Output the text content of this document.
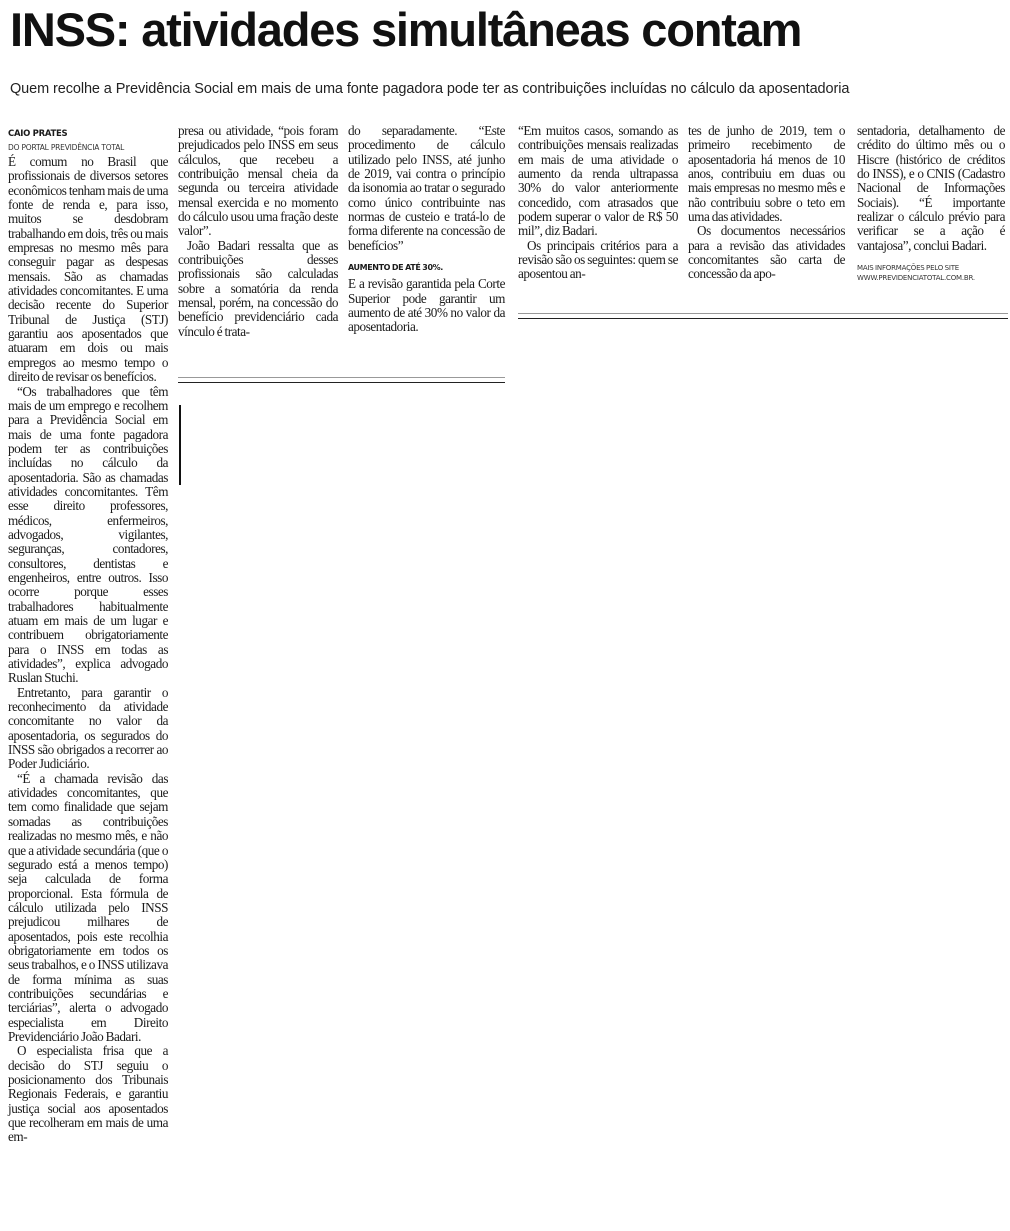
INSS: atividades simultâneas contam
Quem recolhe a Previdência Social em mais de uma fonte pagadora pode ter as contribuições incluídas no cálculo da aposentadoria
CAIO PRATES
DO PORTAL PREVIDÊNCIA TOTAL

É comum no Brasil que profissionais de diversos setores econômicos tenham mais de uma fonte de renda e, para isso, muitos se desdobram trabalhando em dois, três ou mais empresas no mesmo mês para conseguir pagar as despesas mensais. São as chamadas atividades concomitantes. E uma decisão recente do Superior Tribunal de Justiça (STJ) garantiu aos aposentados que atuaram em dois ou mais empregos ao mesmo tempo o direito de revisar os benefícios.

“Os trabalhadores que têm mais de um emprego e recolhem para a Previdência Social em mais de uma fonte pagadora podem ter as contribuições incluídas no cálculo da aposentadoria. São as chamadas atividades concomitantes. Têm esse direito professores, médicos, enfermeiros, advogados, vigilantes, seguranças, contadores, consultores, dentistas e engenheiros, entre outros. Isso ocorre porque esses trabalhadores habitualmente atuam em mais de um lugar e contribuem obrigatoriamente para o INSS em todas as atividades”, explica advogado Ruslan Stuchi.

Entretanto, para garantir o reconhecimento da atividade concomitante no valor da aposentadoria, os segurados do INSS são obrigados a recorrer ao Poder Judiciário.

“É a chamada revisão das atividades concomitantes, que tem como finalidade que sejam somadas as contribuições realizadas no mesmo mês, e não que a atividade secundária (que o segurado está a menos tempo) seja calculada de forma proporcional. Esta fórmula de cálculo utilizada pelo INSS prejudicou milhares de aposentados, pois este recolhia obrigatoriamente em todos os seus trabalhos, e o INSS utilizava de forma mínima as suas contribuições secundárias e terciárias”, alerta o advogado especialista em Direito Previdenciário João Badari.

O especialista frisa que a decisão do STJ seguiu o posicionamento dos Tribunais Regionais Federais, e garantiu justiça social aos aposentados que recolheram em mais de uma em-

presa ou atividade, “pois foram prejudicados pelo INSS em seus cálculos, que recebeu a contribuição mensal cheia da segunda ou terceira atividade mensal exercida e no momento do cálculo usou uma fração deste valor”.

João Badari ressalta que as contribuições desses profissionais são calculadas sobre a somatória da renda mensal, porém, na concessão do benefício previdenciário cada vínculo é trata-

do separadamente. “Este procedimento de cálculo utilizado pelo INSS, até junho de 2019, vai contra o princípio da isonomia ao tratar o segurado como único contribuinte nas normas de custeio e tratá-lo de forma diferente na concessão de benefícios”

AUMENTO DE ATÉ 30%.

E a revisão garantida pela Corte Superior pode garantir um aumento de até 30% no valor da aposentadoria.

“Em muitos casos, somando as contribuições mensais realizadas em mais de uma atividade o aumento da renda ultrapassa 30% do valor anteriormente concedido, com atrasados que podem superar o valor de R$ 50 mil”, diz Badari.

Os principais critérios para a revisão são os seguintes: quem se aposentou an-

tes de junho de 2019, tem o primeiro recebimento de aposentadoria há menos de 10 anos, contribuiu em duas ou mais empresas no mesmo mês e não contribuiu sobre o teto em uma das atividades.

Os documentos necessários para a revisão das atividades concomitantes são carta de concessão da apo-

sentadoria, detalhamento de crédito do último mês ou o Hiscre (histórico de créditos do INSS), e o CNIS (Cadastro Nacional de Informações Sociais). “É importante realizar o cálculo prévio para verificar se a ação é vantajosa”, conclui Badari.

MAIS INFORMAÇÕES PELO SITE
WWW.PREVIDENCIATOTAL.COM.BR.
